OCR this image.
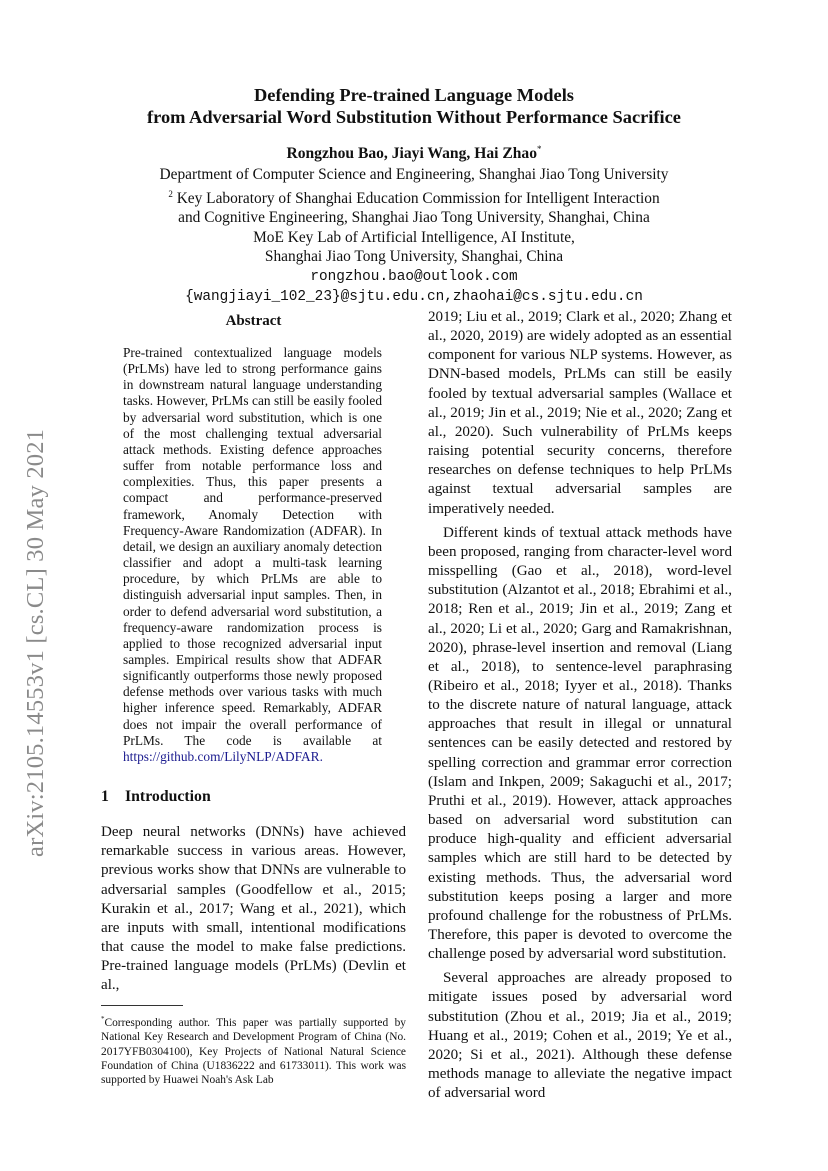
arXiv:2105.14553v1 [cs.CL] 30 May 2021
Defending Pre-trained Language Models
from Adversarial Word Substitution Without Performance Sacrifice
Rongzhou Bao, Jiayi Wang, Hai Zhao*
Department of Computer Science and Engineering, Shanghai Jiao Tong University
$^2$ Key Laboratory of Shanghai Education Commission for Intelligent Interaction
and Cognitive Engineering, Shanghai Jiao Tong University, Shanghai, China
MoE Key Lab of Artificial Intelligence, AI Institute,
Shanghai Jiao Tong University, Shanghai, China
rongzhou.bao@outlook.com
{wangjiayi_102_23}@sjtu.edu.cn,zhaohai@cs.sjtu.edu.cn
Abstract
Pre-trained contextualized language models (PrLMs) have led to strong performance gains in downstream natural language understanding tasks. However, PrLMs can still be easily fooled by adversarial word substitution, which is one of the most challenging textual adversarial attack methods. Existing defence approaches suffer from notable performance loss and complexities. Thus, this paper presents a compact and performance-preserved framework, Anomaly Detection with Frequency-Aware Randomization (ADFAR). In detail, we design an auxiliary anomaly detection classifier and adopt a multi-task learning procedure, by which PrLMs are able to distinguish adversarial input samples. Then, in order to defend adversarial word substitution, a frequency-aware randomization process is applied to those recognized adversarial input samples. Empirical results show that ADFAR significantly outperforms those newly proposed defense methods over various tasks with much higher inference speed. Remarkably, ADFAR does not impair the overall performance of PrLMs. The code is available at https://github.com/LilyNLP/ADFAR.
1 Introduction

Deep neural networks (DNNs) have achieved remarkable success in various areas. However, previous works show that DNNs are vulnerable to adversarial samples (Goodfellow et al., 2015; Kurakin et al., 2017; Wang et al., 2021), which are inputs with small, intentional modifications that cause the model to make false predictions. Pre-trained language models (PrLMs) (Devlin et al.,

*Corresponding author. This paper was partially supported by National Key Research and Development Program of China (No. 2017YFB0304100), Key Projects of National Natural Science Foundation of China (U1836222 and 61733011). This work was supported by Huawei Noah's Ask Lab

2019; Liu et al., 2019; Clark et al., 2020; Zhang et al., 2020, 2019) are widely adopted as an essential component for various NLP systems. However, as DNN-based models, PrLMs can still be easily fooled by textual adversarial samples (Wallace et al., 2019; Jin et al., 2019; Nie et al., 2020; Zang et al., 2020). Such vulnerability of PrLMs keeps raising potential security concerns, therefore researches on defense techniques to help PrLMs against textual adversarial samples are imperatively needed.

Different kinds of textual attack methods have been proposed, ranging from character-level word misspelling (Gao et al., 2018), word-level substitution (Alzantot et al., 2018; Ebrahimi et al., 2018; Ren et al., 2019; Jin et al., 2019; Zang et al., 2020; Li et al., 2020; Garg and Ramakrishnan, 2020), phrase-level insertion and removal (Liang et al., 2018), to sentence-level paraphrasing (Ribeiro et al., 2018; Iyyer et al., 2018). Thanks to the discrete nature of natural language, attack approaches that result in illegal or unnatural sentences can be easily detected and restored by spelling correction and grammar error correction (Islam and Inkpen, 2009; Sakaguchi et al., 2017; Pruthi et al., 2019). However, attack approaches based on adversarial word substitution can produce high-quality and efficient adversarial samples which are still hard to be detected by existing methods. Thus, the adversarial word substitution keeps posing a larger and more profound challenge for the robustness of PrLMs. Therefore, this paper is devoted to overcome the challenge posed by adversarial word substitution.

Several approaches are already proposed to mitigate issues posed by adversarial word substitution (Zhou et al., 2019; Jia et al., 2019; Huang et al., 2019; Cohen et al., 2019; Ye et al., 2020; Si et al., 2021). Although these defense methods manage to alleviate the negative impact of adversarial word
